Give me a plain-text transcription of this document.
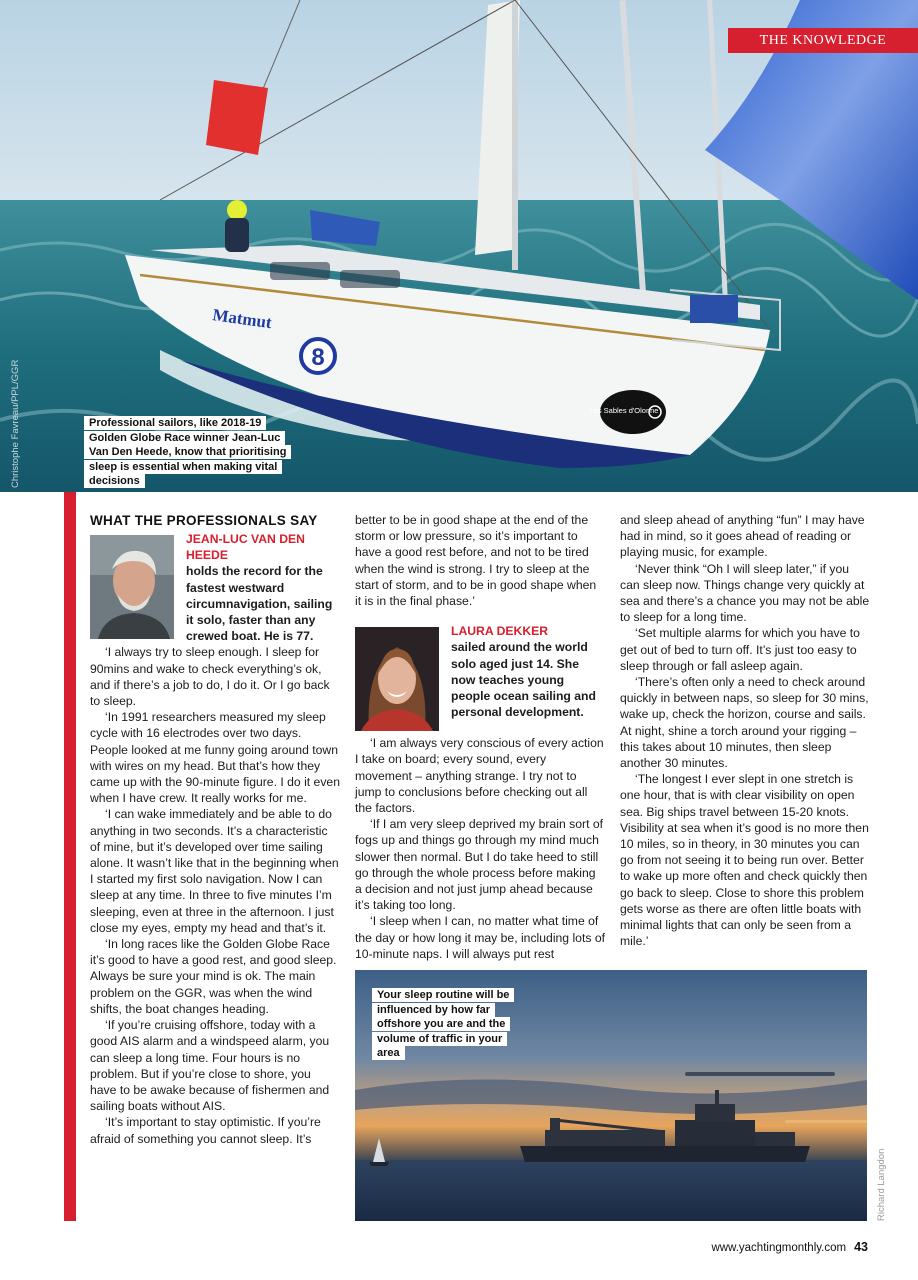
8
Matmut
Les Sables d'Olonne
THE KNOWLEDGE
Professional sailors, like 2018-19 Golden Globe Race winner Jean-Luc Van Den Heede, know that prioritising sleep is essential when making vital decisions
Christophe Favreau/PPL/GGR
WHAT THE PROFESSIONALS SAY
JEAN-LUC VAN DEN HEEDE
holds the record for the fastest westward circumnavigation, sailing it solo, faster than any crewed boat. He is 77.

‘I always try to sleep enough. I sleep for 90mins and wake to check everything’s ok, and if there’s a job to do, I do it. Or I go back to sleep.

‘In 1991 researchers measured my sleep cycle with 16 electrodes over two days. People looked at me funny going around town with wires on my head. But that’s how they came up with the 90-minute figure. I do it even when I have crew. It really works for me.

‘I can wake immediately and be able to do anything in two seconds. It’s a characteristic of mine, but it’s developed over time sailing alone. It wasn’t like that in the beginning when I started my first solo navigation. Now I can sleep at any time. In three to five minutes I’m sleeping, even at three in the afternoon. I just close my eyes, empty my head and that’s it.

‘In long races like the Golden Globe Race it’s good to have a good rest, and good sleep. Always be sure your mind is ok. The main problem on the GGR, was when the wind shifts, the boat changes heading.

‘If you’re cruising offshore, today with a good AIS alarm and a windspeed alarm, you can sleep a long time. Four hours is no problem. But if you’re close to shore, you have to be awake because of fishermen and sailing boats without AIS.

‘It’s important to stay optimistic. If you’re afraid of something you cannot sleep. It’s

better to be in good shape at the end of the storm or low pressure, so it’s important to have a good rest before, and not to be tired when the wind is strong. I try to sleep at the start of storm, and to be in good shape when it is in the final phase.’

LAURA DEKKER
sailed around the world solo aged just 14. She now teaches young people ocean sailing and personal development.

‘I am always very conscious of every action I take on board; every sound, every movement – anything strange. I try not to jump to conclusions before checking out all the factors.

‘If I am very sleep deprived my brain sort of fogs up and things go through my mind much slower then normal. But I do take heed to still go through the whole process before making a decision and not just jump ahead because it’s taking too long.

‘I sleep when I can, no matter what time of the day or how long it may be, including lots of 10-minute naps. I will always put rest

and sleep ahead of anything “fun” I may have had in mind, so it goes ahead of reading or playing music, for example.

‘Never think “Oh I will sleep later,” if you can sleep now. Things change very quickly at sea and there’s a chance you may not be able to sleep for a long time.

‘Set multiple alarms for which you have to get out of bed to turn off. It’s just too easy to sleep through or fall asleep again.

‘There’s often only a need to check around quickly in between naps, so sleep for 30 mins, wake up, check the horizon, course and sails. At night, shine a torch around your rigging – this takes about 10 minutes, then sleep another 30 minutes.

‘The longest I ever slept in one stretch is one hour, that is with clear visibility on open sea. Big ships travel between 15-20 knots. Visibility at sea when it’s good is no more then 10 miles, so in theory, in 30 minutes you can go from not seeing it to being run over. Better to wake up more often and check quickly then go back to sleep. Close to shore this problem gets worse as there are often little boats with minimal lights that can only be seen from a mile.’

Your sleep routine will be influenced by how far offshore you are and the volume of traffic in your area
Richard Langdon
www.yachtingmonthly.com 43
